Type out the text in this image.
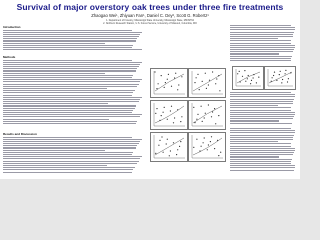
Survival of major overstory oak trees under three fire treatments
Zhaogao Wei¹, Zhiyuan Fan¹, Daniel C. Dey², Scott G. Robertz¹
1. Department of Forestry, Mississippi State University, Mississippi State, MS39762
2. Northern Research Station, U.S. Forest Service, University of Missouri, Columbia, MO
Introduction
Methods
Results and Discussion
